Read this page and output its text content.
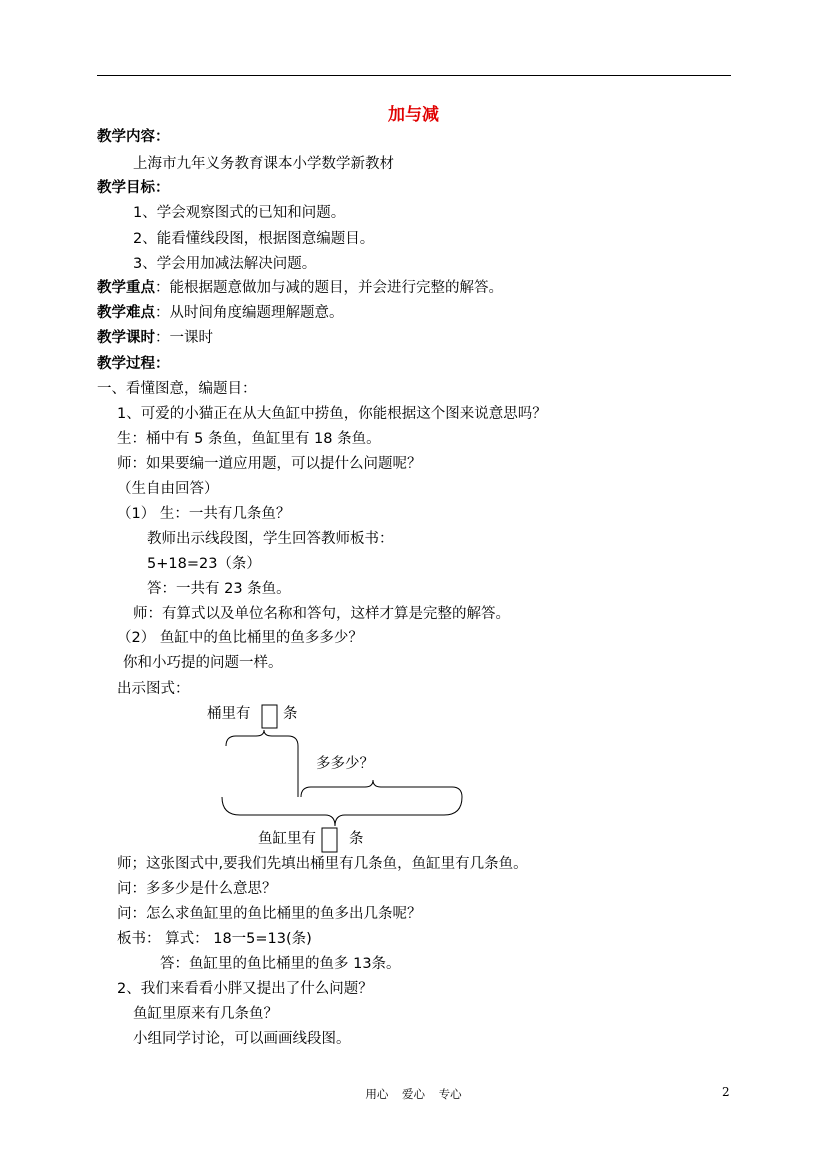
加与减
教学内容：
上海市九年义务教育课本小学数学新教材
教学目标：
1、学会观察图式的已知和问题。
2、能看懂线段图，根据图意编题目。
3、学会用加减法解决问题。
教学重点：能根据题意做加与减的题目，并会进行完整的解答。
教学难点：从时间角度编题理解题意。
教学课时：一课时
教学过程：
一、看懂图意，编题目：
1、可爱的小猫正在从大鱼缸中捞鱼，你能根据这个图来说意思吗？
生：桶中有 5 条鱼，鱼缸里有 18 条鱼。
师：如果要编一道应用题，可以提什么问题呢？
（生自由回答）
（1） 生：一共有几条鱼？
教师出示线段图，学生回答教师板书：
5+18=23（条）
答：一共有 23 条鱼。
师：有算式以及单位名称和答句，这样才算是完整的解答。
（2） 鱼缸中的鱼比桶里的鱼多多少？
你和小巧提的问题一样。
出示图式：
桶里有 条
多多少？
鱼缸里有 条
师；这张图式中,要我们先填出桶里有几条鱼，鱼缸里有几条鱼。
问：多多少是什么意思？
问：怎么求鱼缸里的鱼比桶里的鱼多出几条呢？
板书： 算式： 18一5=13(条)
答：鱼缸里的鱼比桶里的鱼多 13条。
2、我们来看看小胖又提出了什么问题？
鱼缸里原来有几条鱼？
小组同学讨论，可以画画线段图。
用心 爱心 专心	2
